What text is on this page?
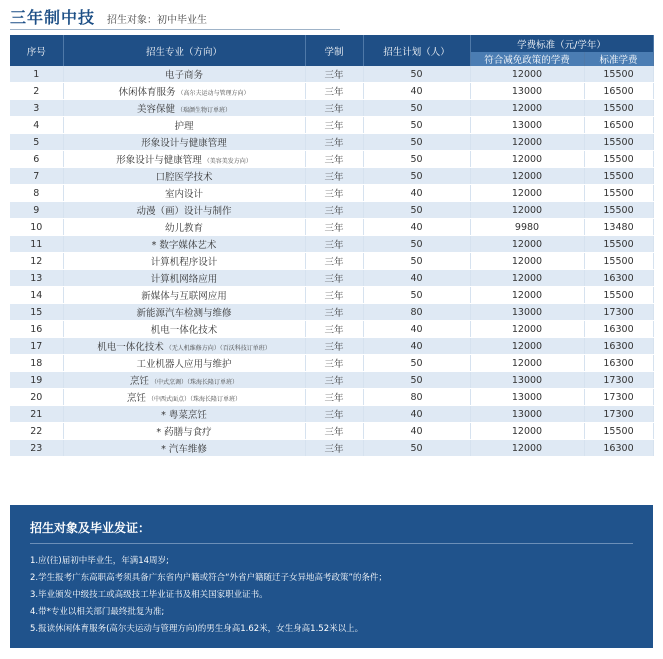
三年制中技 招生对象：初中毕业生
序号	招生专业（方向）	学制	招生计划（人）	学费标准（元/学年）	
				符合减免政策的学费	标准学费
1	电子商务	三年	50	12000	15500
2	休闲体育服务 （高尔夫运动与管理方向）	三年	40	13000	16500
3	美容保健 （瑞颜生物订单班）	三年	50	12000	15500
4	护理	三年	50	13000	16500
5	形象设计与健康管理	三年	50	12000	15500
6	形象设计与健康管理 （美容美发方向）	三年	50	12000	15500
7	口腔医学技术	三年	50	12000	15500
8	室内设计	三年	40	12000	15500
9	动漫（画）设计与制作	三年	50	12000	15500
10	幼儿教育	三年	40	9980	13480
11	* 数字媒体艺术	三年	50	12000	15500
12	计算机程序设计	三年	50	12000	15500
13	计算机网络应用	三年	40	12000	16300
14	新媒体与互联网应用	三年	50	12000	15500
15	新能源汽车检测与维修	三年	80	13000	17300
16	机电一体化技术	三年	40	12000	16300
17	机电一体化技术 （无人机维修方向）（百沃科技订单班）	三年	40	12000	16300
18	工业机器人应用与维护	三年	50	12000	16300
19	烹饪 （中式烹调）（珠海长隆订单班）	三年	50	13000	17300
20	烹饪 （中西式面点）（珠海长隆订单班）	三年	80	13000	17300
21	* 粤菜烹饪	三年	40	13000	17300
22	* 药膳与食疗	三年	40	12000	15500
23	* 汽车维修	三年	50	12000	16300
招生对象及毕业发证：
1.应(往)届初中毕业生，年满14周岁;
2.学生报考广东高职高考须具备广东省内户籍或符合“外省户籍随迁子女异地高考政策”的条件；
3.毕业颁发中级技工或高级技工毕业证书及相关国家职业证书。
4.带*专业以相关部门最终批复为准;
5.报读休闲体育服务(高尔夫运动与管理方向)的男生身高1.62米，女生身高1.52米以上。
